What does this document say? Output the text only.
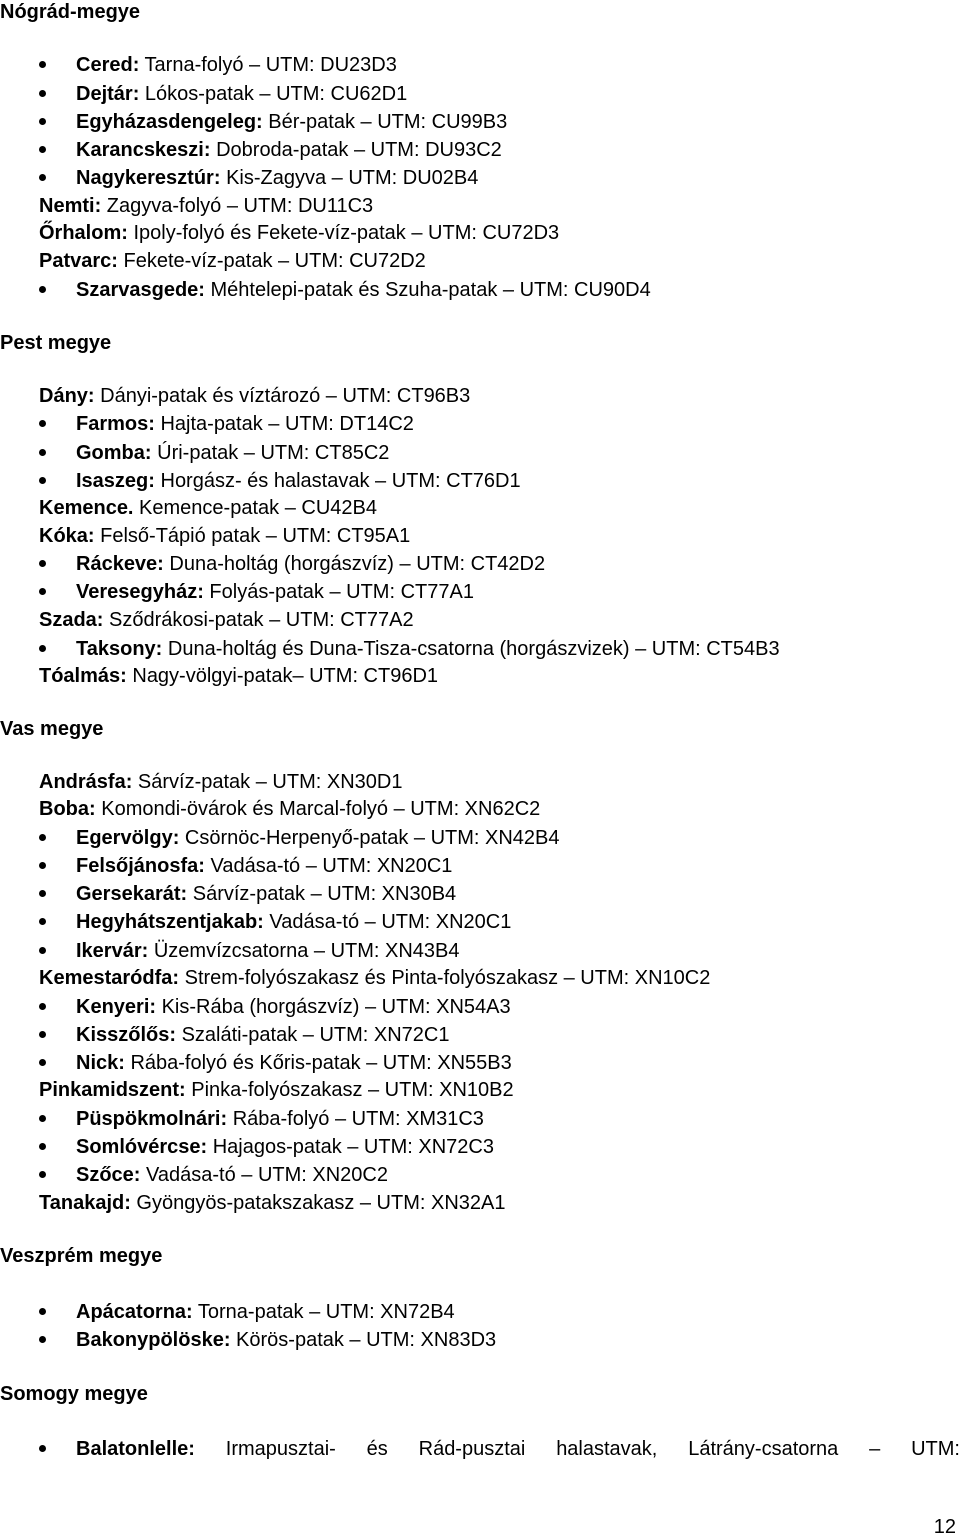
Nógrád-megye
Cered: Tarna-folyó – UTM: DU23D3
Dejtár: Lókos-patak – UTM: CU62D1
Egyházasdengeleg: Bér-patak – UTM: CU99B3
Karancskeszi: Dobroda-patak – UTM: DU93C2
Nagykeresztúr: Kis-Zagyva – UTM: DU02B4
Nemti: Zagyva-folyó – UTM: DU11C3
Őrhalom: Ipoly-folyó és Fekete-víz-patak – UTM: CU72D3
Patvarc: Fekete-víz-patak – UTM: CU72D2
Szarvasgede: Méhtelepi-patak és Szuha-patak – UTM: CU90D4
Pest megye
Dány: Dányi-patak és víztározó – UTM: CT96B3
Farmos: Hajta-patak – UTM: DT14C2
Gomba: Úri-patak – UTM: CT85C2
Isaszeg: Horgász- és halastavak – UTM: CT76D1
Kemence. Kemence-patak – CU42B4
Kóka: Felső-Tápió patak – UTM: CT95A1
Ráckeve: Duna-holtág (horgászvíz) – UTM: CT42D2
Veresegyház: Folyás-patak – UTM: CT77A1
Szada: Sződrákosi-patak – UTM: CT77A2
Taksony: Duna-holtág és Duna-Tisza-csatorna (horgászvizek) – UTM: CT54B3
Tóalmás: Nagy-völgyi-patak– UTM: CT96D1
Vas megye
Andrásfa: Sárvíz-patak – UTM: XN30D1
Boba: Komondi-övárok és Marcal-folyó – UTM: XN62C2
Egervölgy: Csörnöc-Herpenyő-patak – UTM: XN42B4
Felsőjánosfa: Vadása-tó – UTM: XN20C1
Gersekarát: Sárvíz-patak – UTM: XN30B4
Hegyhátszentjakab: Vadása-tó – UTM: XN20C1
Ikervár: Üzemvízcsatorna – UTM: XN43B4
Kemestaródfa: Strem-folyószakasz és Pinta-folyószakasz – UTM: XN10C2
Kenyeri: Kis-Rába (horgászvíz) – UTM: XN54A3
Kisszőlős: Szaláti-patak – UTM: XN72C1
Nick: Rába-folyó és Kőris-patak – UTM: XN55B3
Pinkamidszent: Pinka-folyószakasz – UTM: XN10B2
Püspökmolnári: Rába-folyó – UTM: XM31C3
Somlóvércse: Hajagos-patak – UTM: XN72C3
Szőce: Vadása-tó – UTM: XN20C2
Tanakajd: Gyöngyös-patakszakasz – UTM: XN32A1
Veszprém megye
Apácatorna: Torna-patak – UTM: XN72B4
Bakonypölöske: Körös-patak – UTM: XN83D3
Somogy megye
Balatonlelle: Irmapusztai- és Rád-pusztai halastavak, Látrány-csatorna – UTM:
12
